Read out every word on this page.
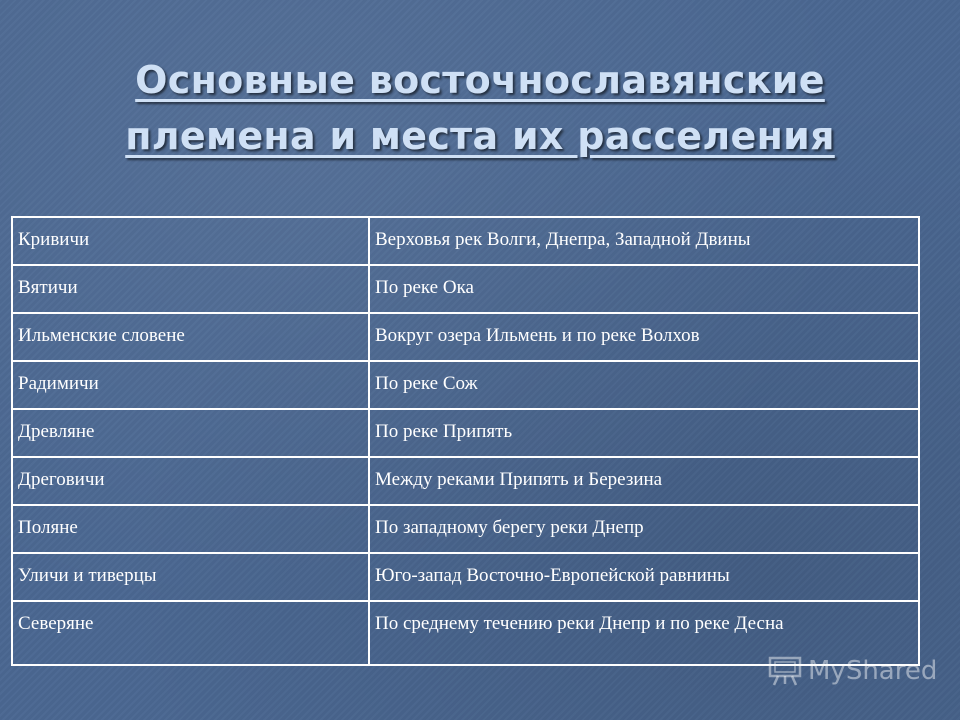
Основные восточнославянские
племена и места их расселения
Кривичи	Верховья рек Волги, Днепра, Западной Двины
Вятичи	По реке Ока
Ильменские словене	Вокруг озера Ильмень и по реке Волхов
Радимичи	По реке Сож
Древляне	По реке Припять
Дреговичи	Между реками Припять и Березина
Поляне	По западному берегу реки Днепр
Уличи и тиверцы	Юго-запад Восточно-Европейской равнины
Северяне	По среднему течению реки Днепр и по реке Десна
MyShared
